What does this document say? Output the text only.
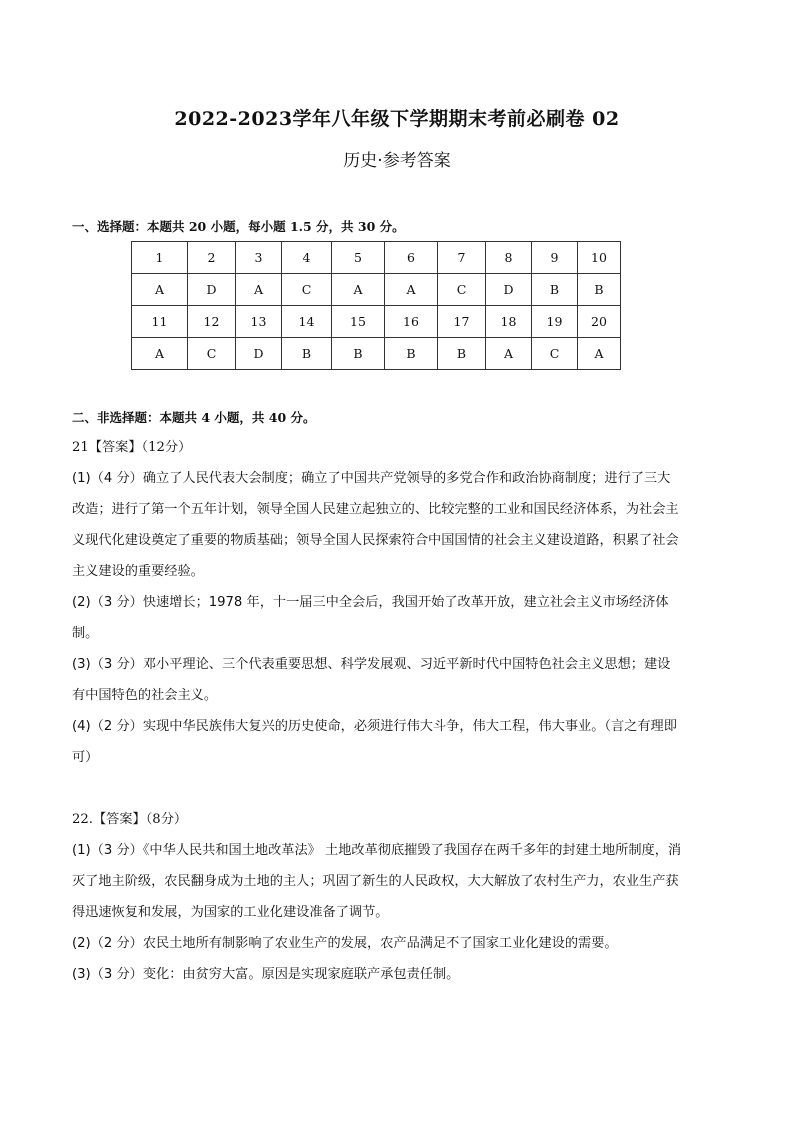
2022-2023学年八年级下学期期末考前必刷卷 02
历史·参考答案
一、选择题：本题共 20 小题，每小题 1.5 分，共 30 分。
1	2	3	4	5	6	7	8	9	10
A	D	A	C	A	A	C	D	B	B
11	12	13	14	15	16	17	18	19	20
A	C	D	B	B	B	B	A	C	A
二、非选择题：本题共 4 小题，共 40 分。

21【答案】（12分）

(1)（4 分）确立了人民代表大会制度；确立了中国共产党领导的多党合作和政治协商制度；进行了三大改造；进行了第一个五年计划，领导全国人民建立起独立的、比较完整的工业和国民经济体系，为社会主义现代化建设奠定了重要的物质基础；领导全国人民探索符合中国国情的社会主义建设道路，积累了社会主义建设的重要经验。

(2)（3 分）快速增长；1978 年，十一届三中全会后，我国开始了改革开放，建立社会主义市场经济体制。

(3)（3 分）邓小平理论、三个代表重要思想、科学发展观、习近平新时代中国特色社会主义思想；建设有中国特色的社会主义。

(4)（2 分）实现中华民族伟大复兴的历史使命，必须进行伟大斗争，伟大工程，伟大事业。（言之有理即可）

22.【答案】（8分）

(1)（3 分）《中华人民共和国土地改革法》 土地改革彻底摧毁了我国存在两千多年的封建土地所制度，消灭了地主阶级，农民翻身成为土地的主人；巩固了新生的人民政权，大大解放了农村生产力，农业生产获得迅速恢复和发展，为国家的工业化建设准备了调节。

(2)（2 分）农民土地所有制影响了农业生产的发展，农产品满足不了国家工业化建设的需要。

(3)（3 分）变化：由贫穷大富。原因是实现家庭联产承包责任制。
